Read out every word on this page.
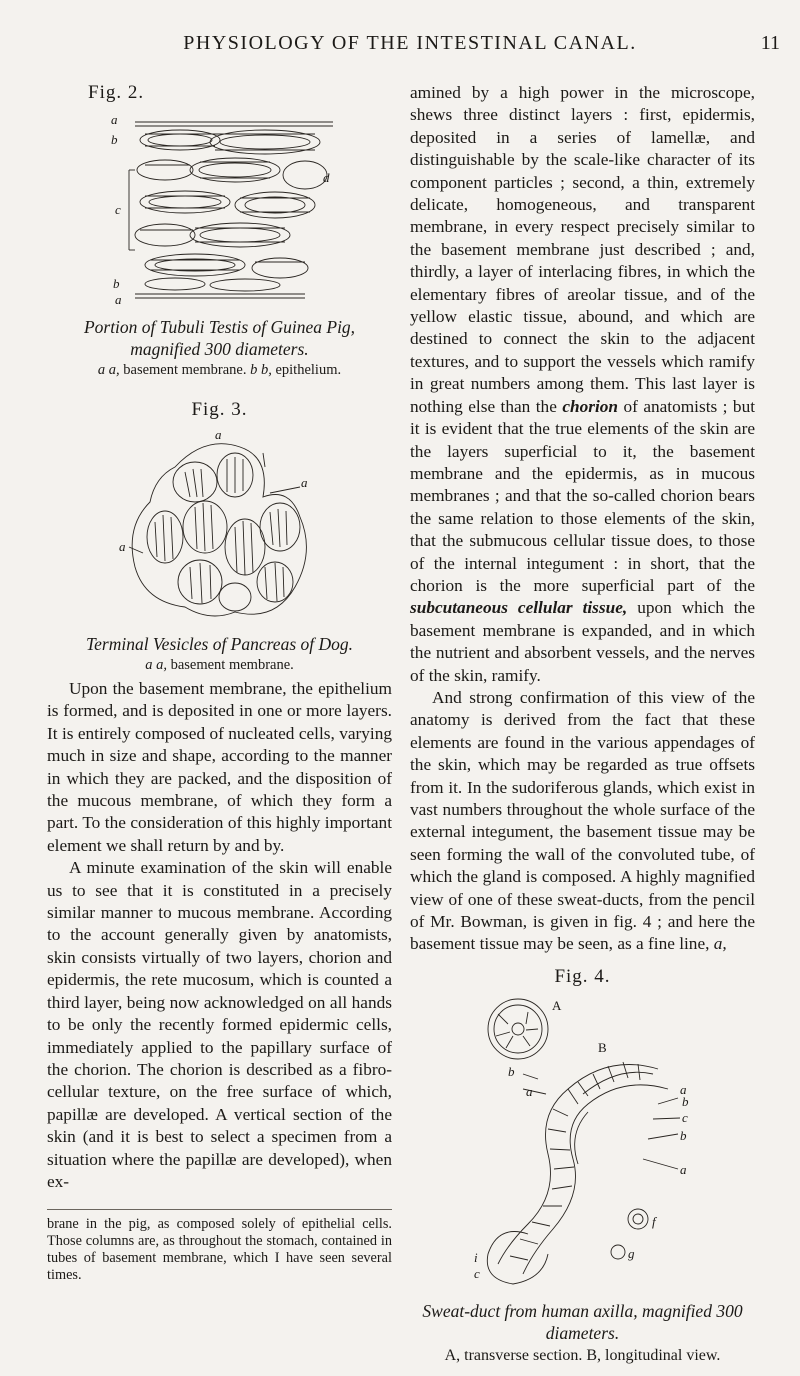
PHYSIOLOGY OF THE INTESTINAL CANAL.	11
Fig. 2.
a
b
c
d
b
a
Portion of Tubuli Testis of Guinea Pig, magnified 300 diameters.
a a, basement membrane. b b, epithelium.
Fig. 3.
a
a
a
Terminal Vesicles of Pancreas of Dog.
a a, basement membrane.

Upon the basement membrane, the epithelium is formed, and is deposited in one or more layers. It is entirely composed of nucleated cells, varying much in size and shape, according to the manner in which they are packed, and the disposition of the mucous membrane, of which they form a part. To the consideration of this highly important element we shall return by and by.

A minute examination of the skin will enable us to see that it is constituted in a precisely similar manner to mucous membrane. According to the account generally given by anatomists, skin consists virtually of two layers, chorion and epidermis, the rete mucosum, which is counted a third layer, being now acknowledged on all hands to be only the recently formed epidermic cells, immediately applied to the papillary surface of the chorion. The chorion is described as a fibro-cellular texture, on the free surface of which, papillæ are developed. A vertical section of the skin (and it is best to select a specimen from a situation where the papillæ are developed), when ex-

brane in the pig, as composed solely of epithelial cells. Those columns are, as throughout the stomach, contained in tubes of basement membrane, which I have seen several times.

amined by a high power in the microscope, shews three distinct layers : first, epidermis, deposited in a series of lamellæ, and distinguishable by the scale-like character of its component particles ; second, a thin, extremely delicate, homogeneous, and transparent membrane, in every respect precisely similar to the basement membrane just described ; and, thirdly, a layer of interlacing fibres, in which the elementary fibres of areolar tissue, and of the yellow elastic tissue, abound, and which are destined to connect the skin to the adjacent textures, and to support the vessels which ramify in great numbers among them. This last layer is nothing else than the chorion of anatomists ; but it is evident that the true elements of the skin are the layers superficial to it, the basement membrane and the epidermis, as in mucous membranes ; and that the so-called chorion bears the same relation to those elements of the skin, that the submucous cellular tissue does, to those of the internal integument : in short, that the chorion is the more superficial part of the subcutaneous cellular tissue, upon which the basement membrane is expanded, and in which the nutrient and absorbent vessels, and the nerves of the skin, ramify.

And strong confirmation of this view of the anatomy is derived from the fact that these elements are found in the various appendages of the skin, which may be regarded as true offsets from it. In the sudoriferous glands, which exist in vast numbers throughout the whole surface of the external integument, the basement tissue may be seen forming the wall of the convoluted tube, of which the gland is composed. A highly magnified view of one of these sweat-ducts, from the pencil of Mr. Bowman, is given in fig. 4 ; and here the basement tissue may be seen, as a fine line, a,

Fig. 4.
A
B
b
a	a
b
c
b
a
f
g
i
c
Sweat-duct from human axilla, magnified 300 diameters.
A, transverse section. B, longitudinal view.
